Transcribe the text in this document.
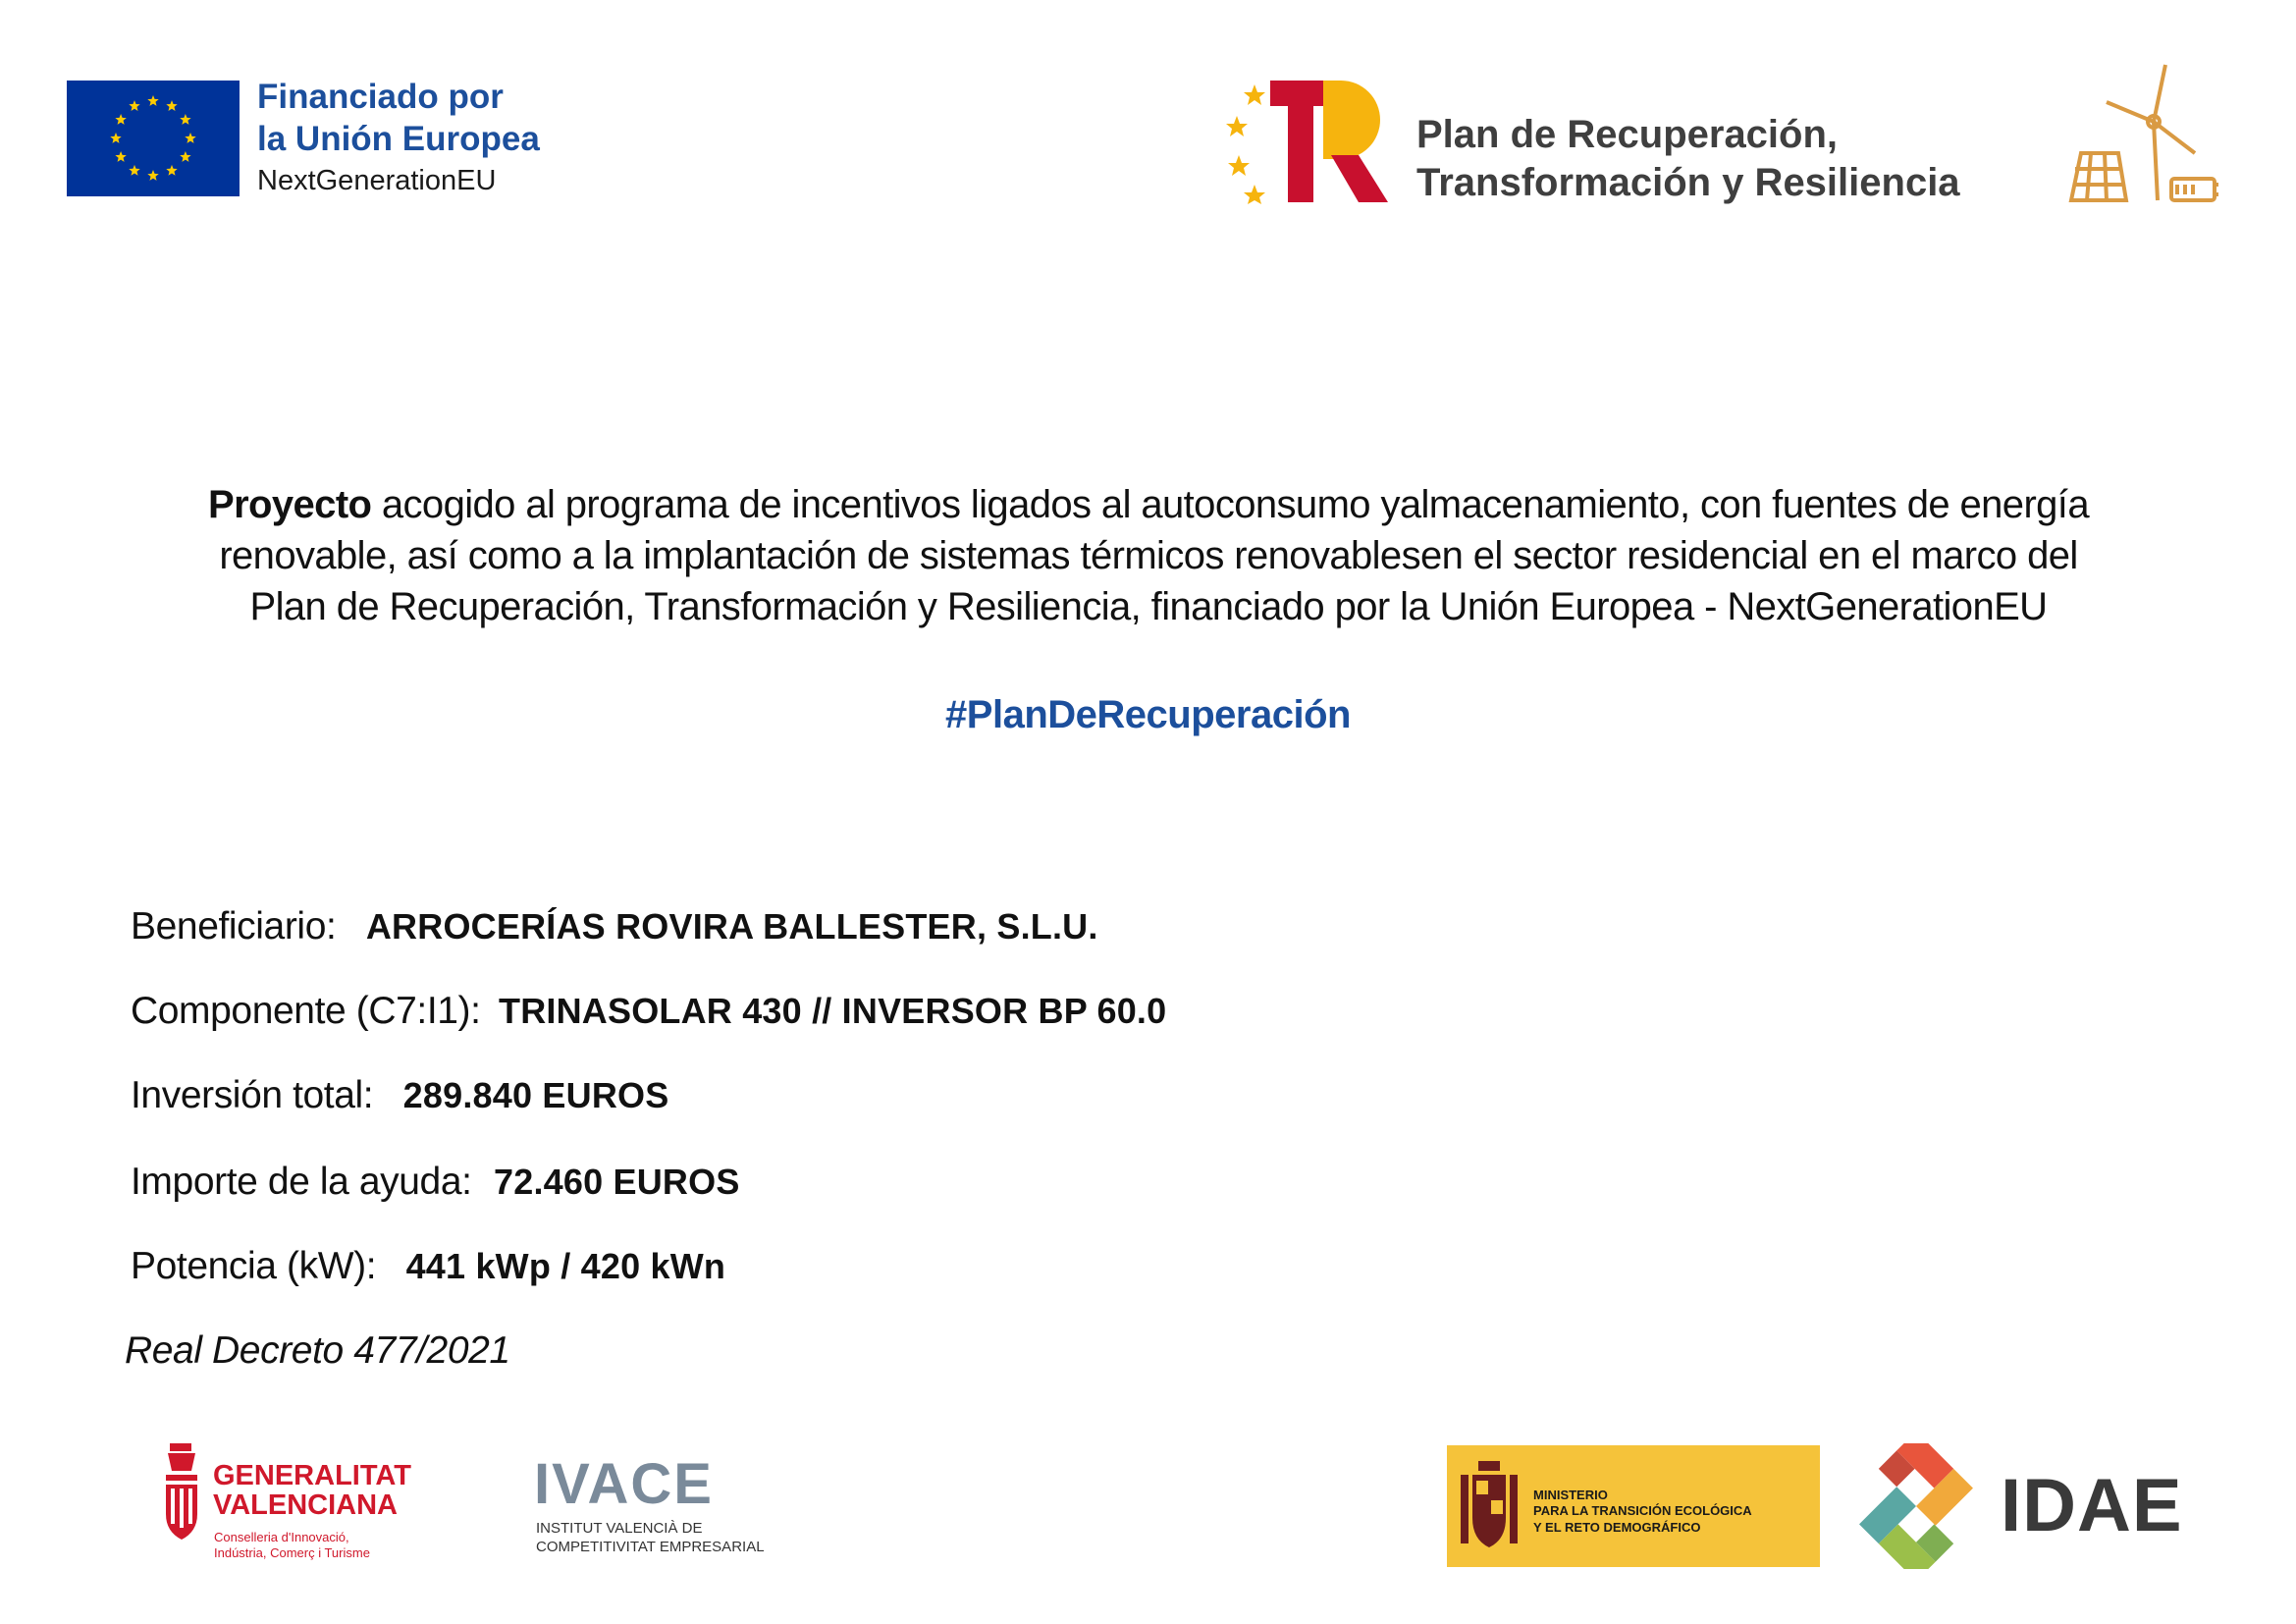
Financiado por
la Unión Europea
NextGenerationEU
Plan de Recuperación,
Transformación y Resiliencia
Proyecto acogido al programa de incentivos ligados al autoconsumo yalmacenamiento, con fuentes de energía
renovable, así como a la implantación de sistemas térmicos renovablesen el sector residencial en el marco del
Plan de Recuperación, Transformación y Resiliencia, financiado por la Unión Europea - NextGenerationEU
#PlanDeRecuperación
Beneficiario: ARROCERÍAS ROVIRA BALLESTER, S.L.U.
Componente (C7:I1): TRINASOLAR 430 // INVERSOR BP 60.0
Inversión total: 289.840 EUROS
Importe de la ayuda: 72.460 EUROS
Potencia (kW): 441 kWp / 420 kWn
Real Decreto 477/2021
GENERALITAT
VALENCIANA
Conselleria d'Innovació,
Indústria, Comerç i Turisme
IVACE
INSTITUT VALENCIÀ DE
COMPETITIVITAT EMPRESARIAL
MINISTERIO
PARA LA TRANSICIÓN ECOLÓGICA
Y EL RETO DEMOGRÁFICO	IDAE
